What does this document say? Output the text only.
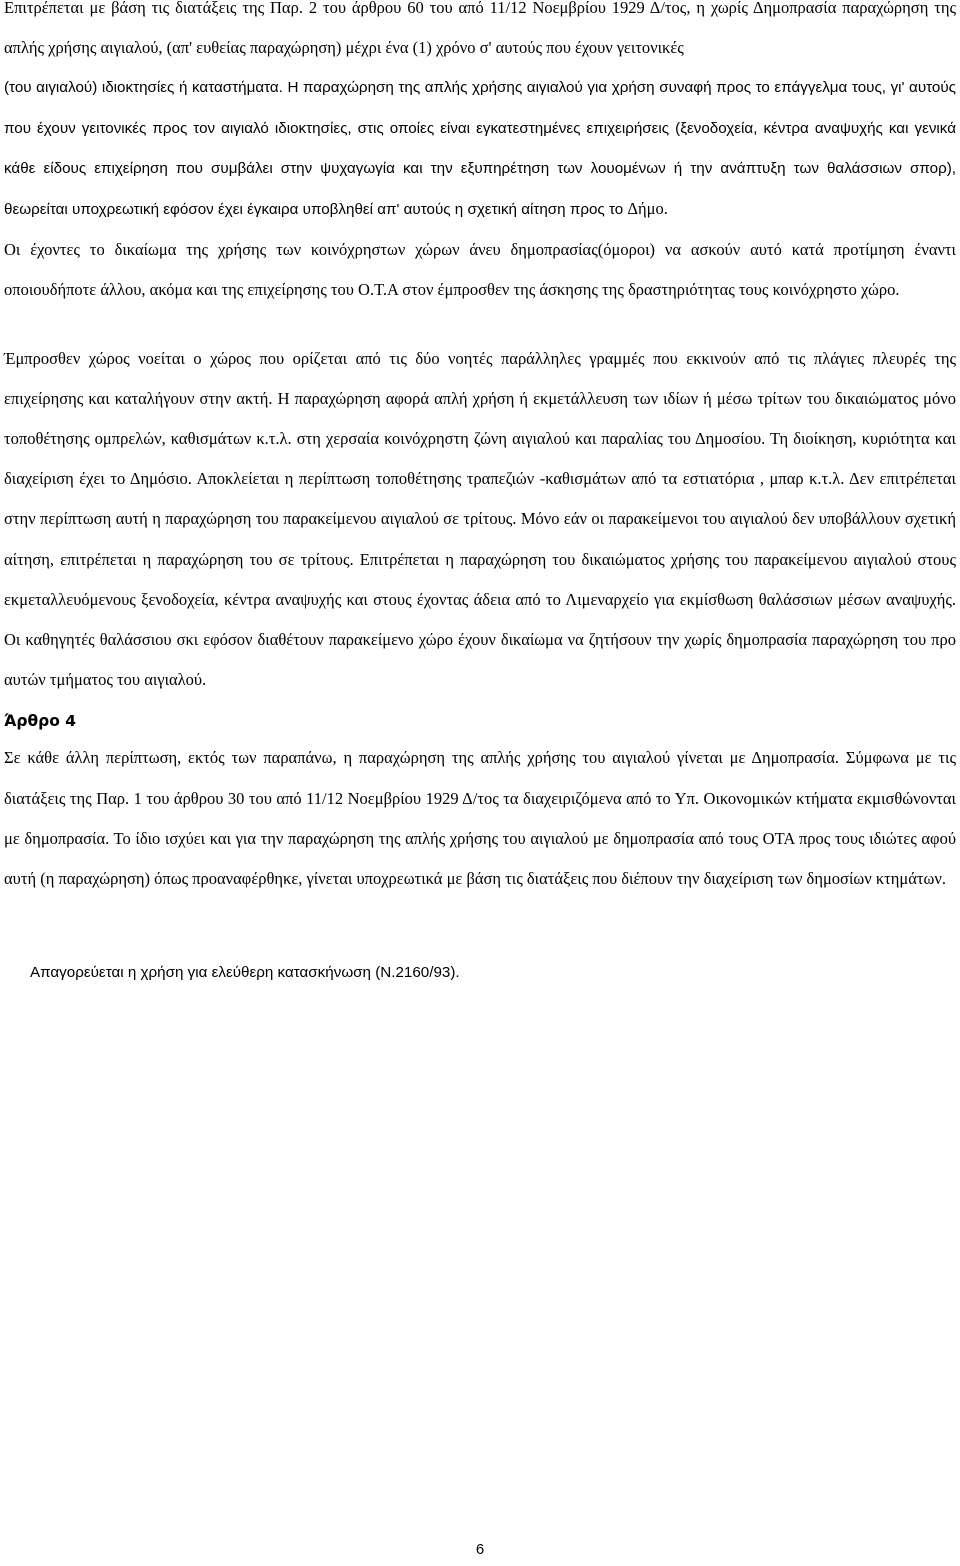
Επιτρέπεται με βάση τις διατάξεις της Παρ. 2 του άρθρου 60 του από 11/12 Νοεμβρίου 1929 Δ/τος, η χωρίς Δημοπρασία παραχώρηση της απλής χρήσης αιγιαλού, (απ' ευθείας παραχώρηση) μέχρι ένα (1) χρόνο σ' αυτούς που έχουν γειτονικές

(του αιγιαλού) ιδιοκτησίες ή καταστήματα. Η παραχώρηση της απλής χρήσης αιγιαλού για χρήση συναφή προς το επάγγελμα τους, γι' αυτούς που έχουν γειτονικές προς τον αιγιαλό ιδιοκτησίες, στις οποίες είναι εγκατεστημένες επιχειρήσεις (ξενοδοχεία, κέντρα αναψυχής και γενικά κάθε είδους επιχείρηση που συμβάλει στην ψυχαγωγία και την εξυπηρέτηση των λουομένων ή την ανάπτυξη των θαλάσσιων σπορ), θεωρείται υποχρεωτική εφόσον έχει έγκαιρα υποβληθεί απ' αυτούς η σχετική αίτηση προς το Δήμο.

Οι έχοντες το δικαίωμα της χρήσης των κοινόχρηστων χώρων άνευ δημοπρασίας(όμοροι) να ασκούν αυτό κατά προτίμηση έναντι οποιουδήποτε άλλου, ακόμα και της επιχείρησης του Ο.Τ.Α στον έμπροσθεν της άσκησης της δραστηριότητας τους κοινόχρηστο χώρο.

Έμπροσθεν χώρος νοείται ο χώρος που ορίζεται από τις δύο νοητές παράλληλες γραμμές που εκκινούν από τις πλάγιες πλευρές της επιχείρησης και καταλήγουν στην ακτή. Η παραχώρηση αφορά απλή χρήση ή εκμετάλλευση των ιδίων ή μέσω τρίτων του δικαιώματος μόνο τοποθέτησης ομπρελών, καθισμάτων κ.τ.λ. στη χερσαία κοινόχρηστη ζώνη αιγιαλού και παραλίας του Δημοσίου. Τη διοίκηση, κυριότητα και διαχείριση έχει το Δημόσιο. Αποκλείεται η περίπτωση τοποθέτησης τραπεζιών -καθισμάτων από τα εστιατόρια , μπαρ κ.τ.λ. Δεν επιτρέπεται στην περίπτωση αυτή η παραχώρηση του παρακείμενου αιγιαλού σε τρίτους. Μόνο εάν οι παρακείμενοι του αιγιαλού δεν υποβάλλουν σχετική αίτηση, επιτρέπεται η παραχώρηση του σε τρίτους. Επιτρέπεται η παραχώρηση του δικαιώματος χρήσης του παρακείμενου αιγιαλού στους εκμεταλλευόμενους ξενοδοχεία, κέντρα αναψυχής και στους έχοντας άδεια από το Λιμεναρχείο για εκμίσθωση θαλάσσιων μέσων αναψυχής. Οι καθηγητές θαλάσσιου σκι εφόσον διαθέτουν παρακείμενο χώρο έχουν δικαίωμα να ζητήσουν την χωρίς δημοπρασία παραχώρηση του προ αυτών τμήματος του αιγιαλού.

Άρθρο 4

Σε κάθε άλλη περίπτωση, εκτός των παραπάνω, η παραχώρηση της απλής χρήσης του αιγιαλού γίνεται με Δημοπρασία. Σύμφωνα με τις διατάξεις της Παρ. 1 του άρθρου 30 του από 11/12 Νοεμβρίου 1929 Δ/τος τα διαχειριζόμενα από το Υπ. Οικονομικών κτήματα εκμισθώνονται με δημοπρασία. Το ίδιο ισχύει και για την παραχώρηση της απλής χρήσης του αιγιαλού με δημοπρασία από τους ΟΤΑ προς τους ιδιώτες αφού αυτή (η παραχώρηση) όπως προαναφέρθηκε, γίνεται υποχρεωτικά με βάση τις διατάξεις που διέπουν την διαχείριση των δημοσίων κτημάτων.

Απαγορεύεται η χρήση για ελεύθερη κατασκήνωση (Ν.2160/93).

6
